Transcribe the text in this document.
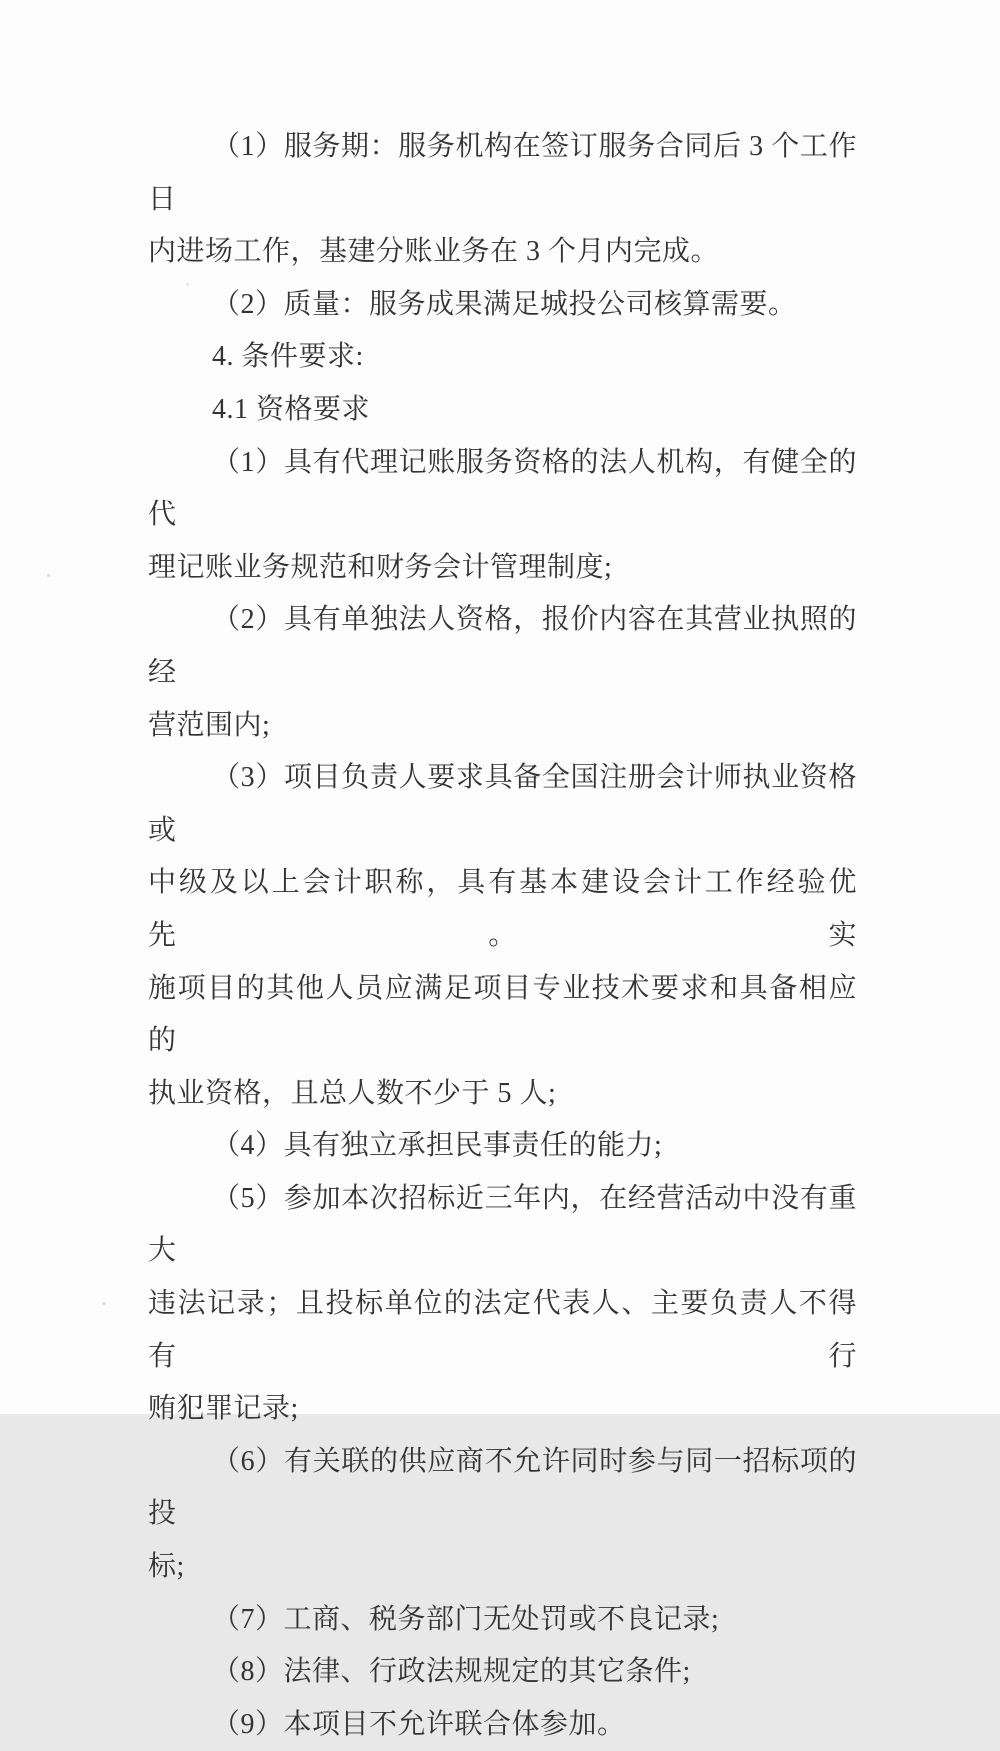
（1）服务期：服务机构在签订服务合同后 3 个工作日
内进场工作，基建分账业务在 3 个月内完成。
（2）质量：服务成果满足城投公司核算需要。
4. 条件要求:
4.1 资格要求
（1）具有代理记账服务资格的法人机构，有健全的代
理记账业务规范和财务会计管理制度;
（2）具有单独法人资格，报价内容在其营业执照的经
营范围内;
（3）项目负责人要求具备全国注册会计师执业资格或
中级及以上会计职称，具有基本建设会计工作经验优先。实
施项目的其他人员应满足项目专业技术要求和具备相应的
执业资格，且总人数不少于 5 人;
（4）具有独立承担民事责任的能力;
（5）参加本次招标近三年内，在经营活动中没有重大
违法记录；且投标单位的法定代表人、主要负责人不得有行
贿犯罪记录;
（6）有关联的供应商不允许同时参与同一招标项的投
标;
（7）工商、税务部门无处罚或不良记录;
（8）法律、行政法规规定的其它条件;
（9）本项目不允许联合体参加。
